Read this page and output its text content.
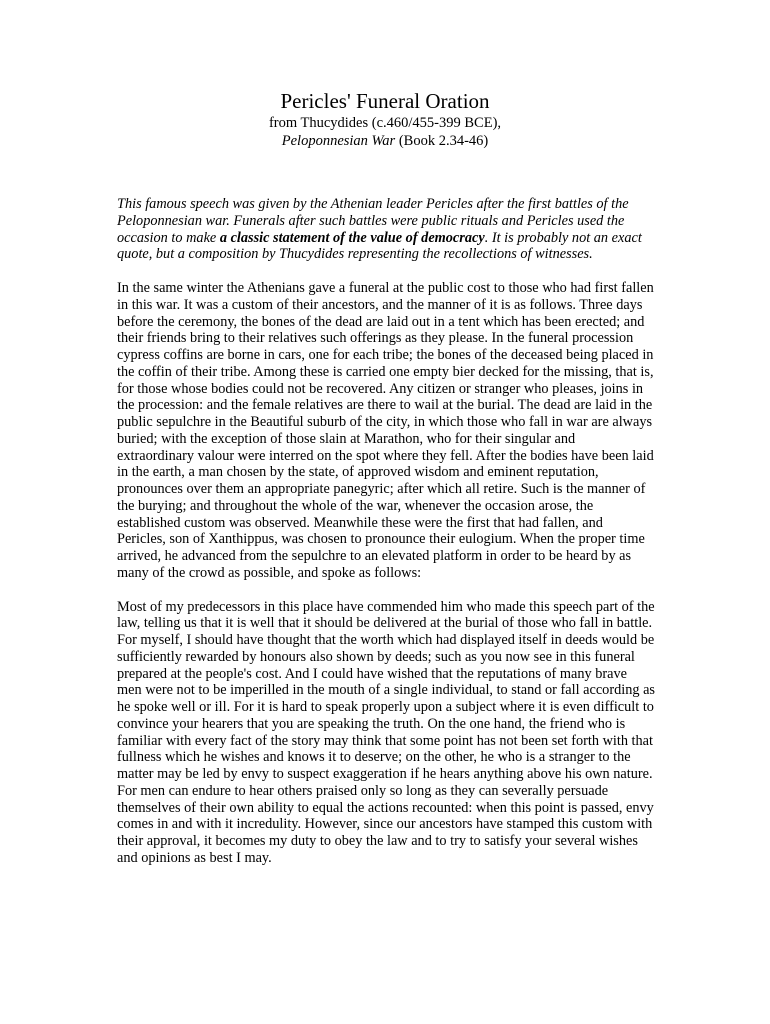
Pericles' Funeral Oration
from Thucydides (c.460/455-399 BCE),
Peloponnesian War (Book 2.34-46)

This famous speech was given by the Athenian leader Pericles after the first battles of the Peloponnesian war. Funerals after such battles were public rituals and Pericles used the occasion to make a classic statement of the value of democracy. It is probably not an exact quote, but a composition by Thucydides representing the recollections of witnesses.

In the same winter the Athenians gave a funeral at the public cost to those who had first fallen in this war. It was a custom of their ancestors, and the manner of it is as follows. Three days before the ceremony, the bones of the dead are laid out in a tent which has been erected; and their friends bring to their relatives such offerings as they please. In the funeral procession cypress coffins are borne in cars, one for each tribe; the bones of the deceased being placed in the coffin of their tribe. Among these is carried one empty bier decked for the missing, that is, for those whose bodies could not be recovered. Any citizen or stranger who pleases, joins in the procession: and the female relatives are there to wail at the burial. The dead are laid in the public sepulchre in the Beautiful suburb of the city, in which those who fall in war are always buried; with the exception of those slain at Marathon, who for their singular and extraordinary valour were interred on the spot where they fell. After the bodies have been laid in the earth, a man chosen by the state, of approved wisdom and eminent reputation, pronounces over them an appropriate panegyric; after which all retire. Such is the manner of the burying; and throughout the whole of the war, whenever the occasion arose, the established custom was observed. Meanwhile these were the first that had fallen, and Pericles, son of Xanthippus, was chosen to pronounce their eulogium. When the proper time arrived, he advanced from the sepulchre to an elevated platform in order to be heard by as many of the crowd as possible, and spoke as follows:

Most of my predecessors in this place have commended him who made this speech part of the law, telling us that it is well that it should be delivered at the burial of those who fall in battle. For myself, I should have thought that the worth which had displayed itself in deeds would be sufficiently rewarded by honours also shown by deeds; such as you now see in this funeral prepared at the people's cost. And I could have wished that the reputations of many brave men were not to be imperilled in the mouth of a single individual, to stand or fall according as he spoke well or ill. For it is hard to speak properly upon a subject where it is even difficult to convince your hearers that you are speaking the truth. On the one hand, the friend who is familiar with every fact of the story may think that some point has not been set forth with that fullness which he wishes and knows it to deserve; on the other, he who is a stranger to the matter may be led by envy to suspect exaggeration if he hears anything above his own nature. For men can endure to hear others praised only so long as they can severally persuade themselves of their own ability to equal the actions recounted: when this point is passed, envy comes in and with it incredulity. However, since our ancestors have stamped this custom with their approval, it becomes my duty to obey the law and to try to satisfy your several wishes and opinions as best I may.
